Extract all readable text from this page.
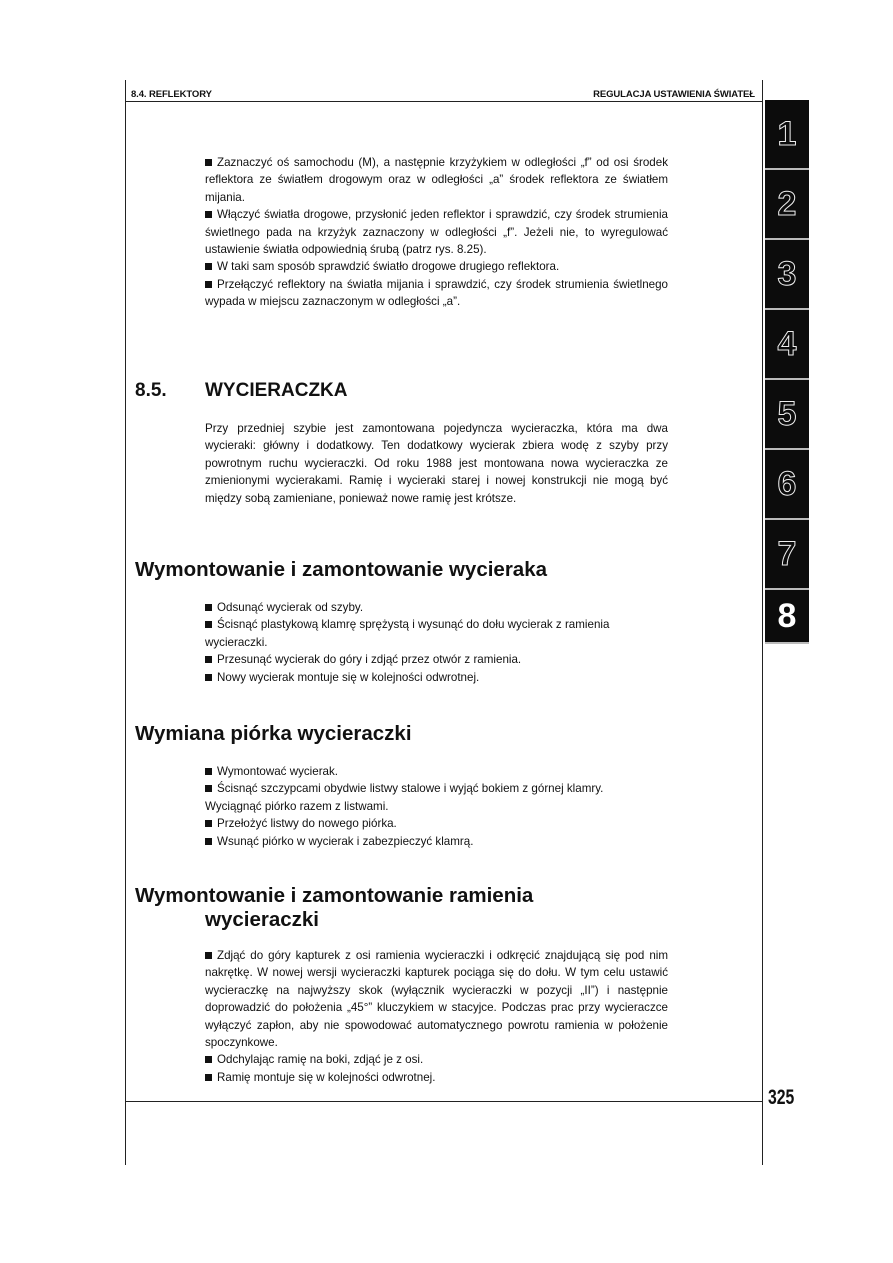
8.4. REFLEKTORY	REGULACJA USTAWIENIA ŚWIATEŁ

Zaznaczyć oś samochodu (M), a następnie krzyżykiem w odległości „f” od osi środek reflektora ze światłem drogowym oraz w odległości „a” środek reflektora ze światłem mijania.

Włączyć światła drogowe, przysłonić jeden reflektor i sprawdzić, czy środek strumienia świetlnego pada na krzyżyk zaznaczony w odległości „f”. Jeżeli nie, to wyregulować ustawienie światła odpowiednią śrubą (patrz rys. 8.25).

W taki sam sposób sprawdzić światło drogowe drugiego reflektora.

Przełączyć reflektory na światła mijania i sprawdzić, czy środek strumienia świetlnego wypada w miejscu zaznaczonym w odległości „a”.

8.5. WYCIERACZKA
Przy przedniej szybie jest zamontowana pojedyncza wycieraczka, która ma dwa wycieraki: główny i dodatkowy. Ten dodatkowy wycierak zbiera wodę z szyby przy powrotnym ruchu wycieraczki. Od roku 1988 jest montowana nowa wycieraczka ze zmienionymi wycierakami. Ramię i wycieraki starej i nowej konstrukcji nie mogą być między sobą zamieniane, ponieważ nowe ramię jest krótsze.
Wymontowanie i zamontowanie wycieraka

Odsunąć wycierak od szyby.

Ścisnąć plastykową klamrę sprężystą i wysunąć do dołu wycierak z ramienia wycieraczki.

Przesunąć wycierak do góry i zdjąć przez otwór z ramienia.

Nowy wycierak montuje się w kolejności odwrotnej.

Wymiana piórka wycieraczki

Wymontować wycierak.

Ścisnąć szczypcami obydwie listwy stalowe i wyjąć bokiem z górnej klamry.

Wyciągnąć piórko razem z listwami.

Przełożyć listwy do nowego piórka.

Wsunąć piórko w wycierak i zabezpieczyć klamrą.

Wymontowanie i zamontowanie ramienia
wycieraczki

Zdjąć do góry kapturek z osi ramienia wycieraczki i odkręcić znajdującą się pod nim nakrętkę. W nowej wersji wycieraczki kapturek pociąga się do dołu. W tym celu ustawić wycieraczkę na najwyższy skok (wyłącznik wycieraczki w pozycji „II”) i następnie doprowadzić do położenia „45°” kluczykiem w stacyjce. Podczas prac przy wycieraczce wyłączyć zapłon, aby nie spowodować automatycznego powrotu ramienia w położenie spoczynkowe.

Odchylając ramię na boki, zdjąć je z osi.

Ramię montuje się w kolejności odwrotnej.

1
2
3
4
5
6
7
8
325
